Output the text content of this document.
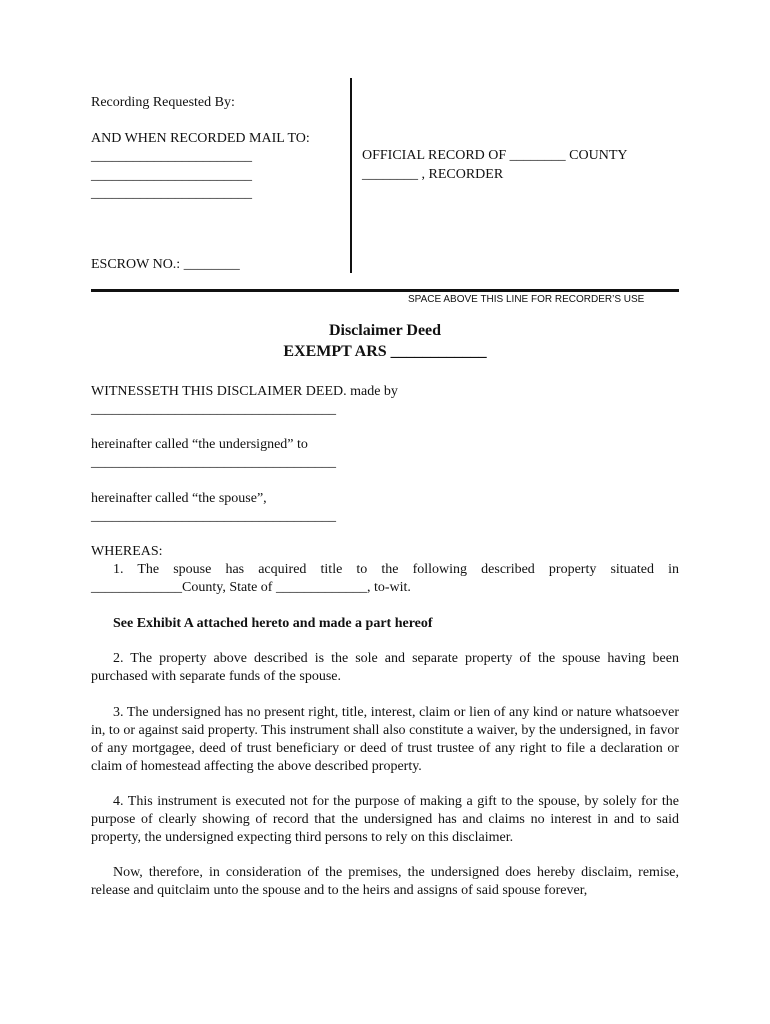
Recording Requested By:
AND WHEN RECORDED MAIL TO:
_______________________
_______________________
_______________________
ESCROW NO.: ________
OFFICIAL RECORD OF ________ COUNTY
________ , RECORDER
SPACE ABOVE THIS LINE FOR RECORDER’S USE
Disclaimer Deed
EXEMPT ARS ____________
WITNESSETH THIS DISCLAIMER DEED. made by
___________________________________
hereinafter called “the undersigned” to
___________________________________
hereinafter called “the spouse”,
___________________________________
WHEREAS:

1. The spouse has acquired title to the following described property situated in _____________County, State of _____________, to-wit.

See Exhibit A attached hereto and made a part hereof

2. The property above described is the sole and separate property of the spouse having been purchased with separate funds of the spouse.

3. The undersigned has no present right, title, interest, claim or lien of any kind or nature whatsoever in, to or against said property. This instrument shall also constitute a waiver, by the undersigned, in favor of any mortgagee, deed of trust beneficiary or deed of trust trustee of any right to file a declaration or claim of homestead affecting the above described property.

4. This instrument is executed not for the purpose of making a gift to the spouse, by solely for the purpose of clearly showing of record that the undersigned has and claims no interest in and to said property, the undersigned expecting third persons to rely on this disclaimer.

Now, therefore, in consideration of the premises, the undersigned does hereby disclaim, remise, release and quitclaim unto the spouse and to the heirs and assigns of said spouse forever,
